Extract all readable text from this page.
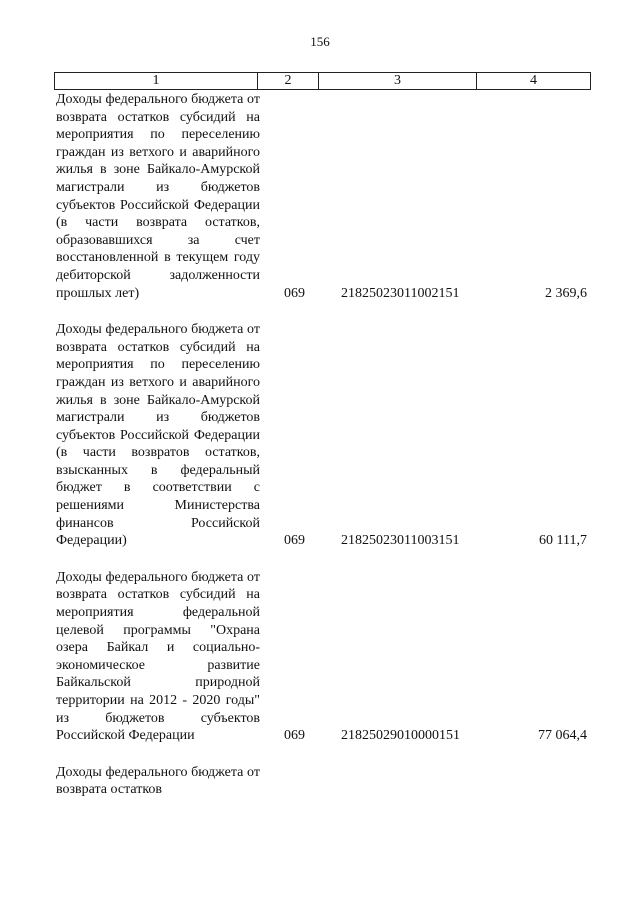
156
1	2	3	4
Доходы федерального бюджета от возврата остатков субсидий на мероприятия по переселению граждан из ветхого и аварийного жилья в зоне Байкало-Амурской магистрали из бюджетов субъектов Российской Федерации (в части возврата остатков, образовавшихся за счет восстановленной в текущем году дебиторской задолженности прошлых лет)	069	21825023011002151	2 369,6
Доходы федерального бюджета от возврата остатков субсидий на мероприятия по переселению граждан из ветхого и аварийного жилья в зоне Байкало-Амурской магистрали из бюджетов субъектов Российской Федерации (в части возвратов остатков, взысканных в федеральный бюджет в соответствии с решениями Министерства финансов Российской Федерации)	069	21825023011003151	60 111,7
Доходы федерального бюджета от возврата остатков субсидий на мероприятия федеральной целевой программы "Охрана озера Байкал и социально-экономическое развитие Байкальской природной территории на 2012 - 2020 годы" из бюджетов субъектов Российской Федерации	069	21825029010000151	77 064,4
Доходы федерального бюджета от возврата остатков
